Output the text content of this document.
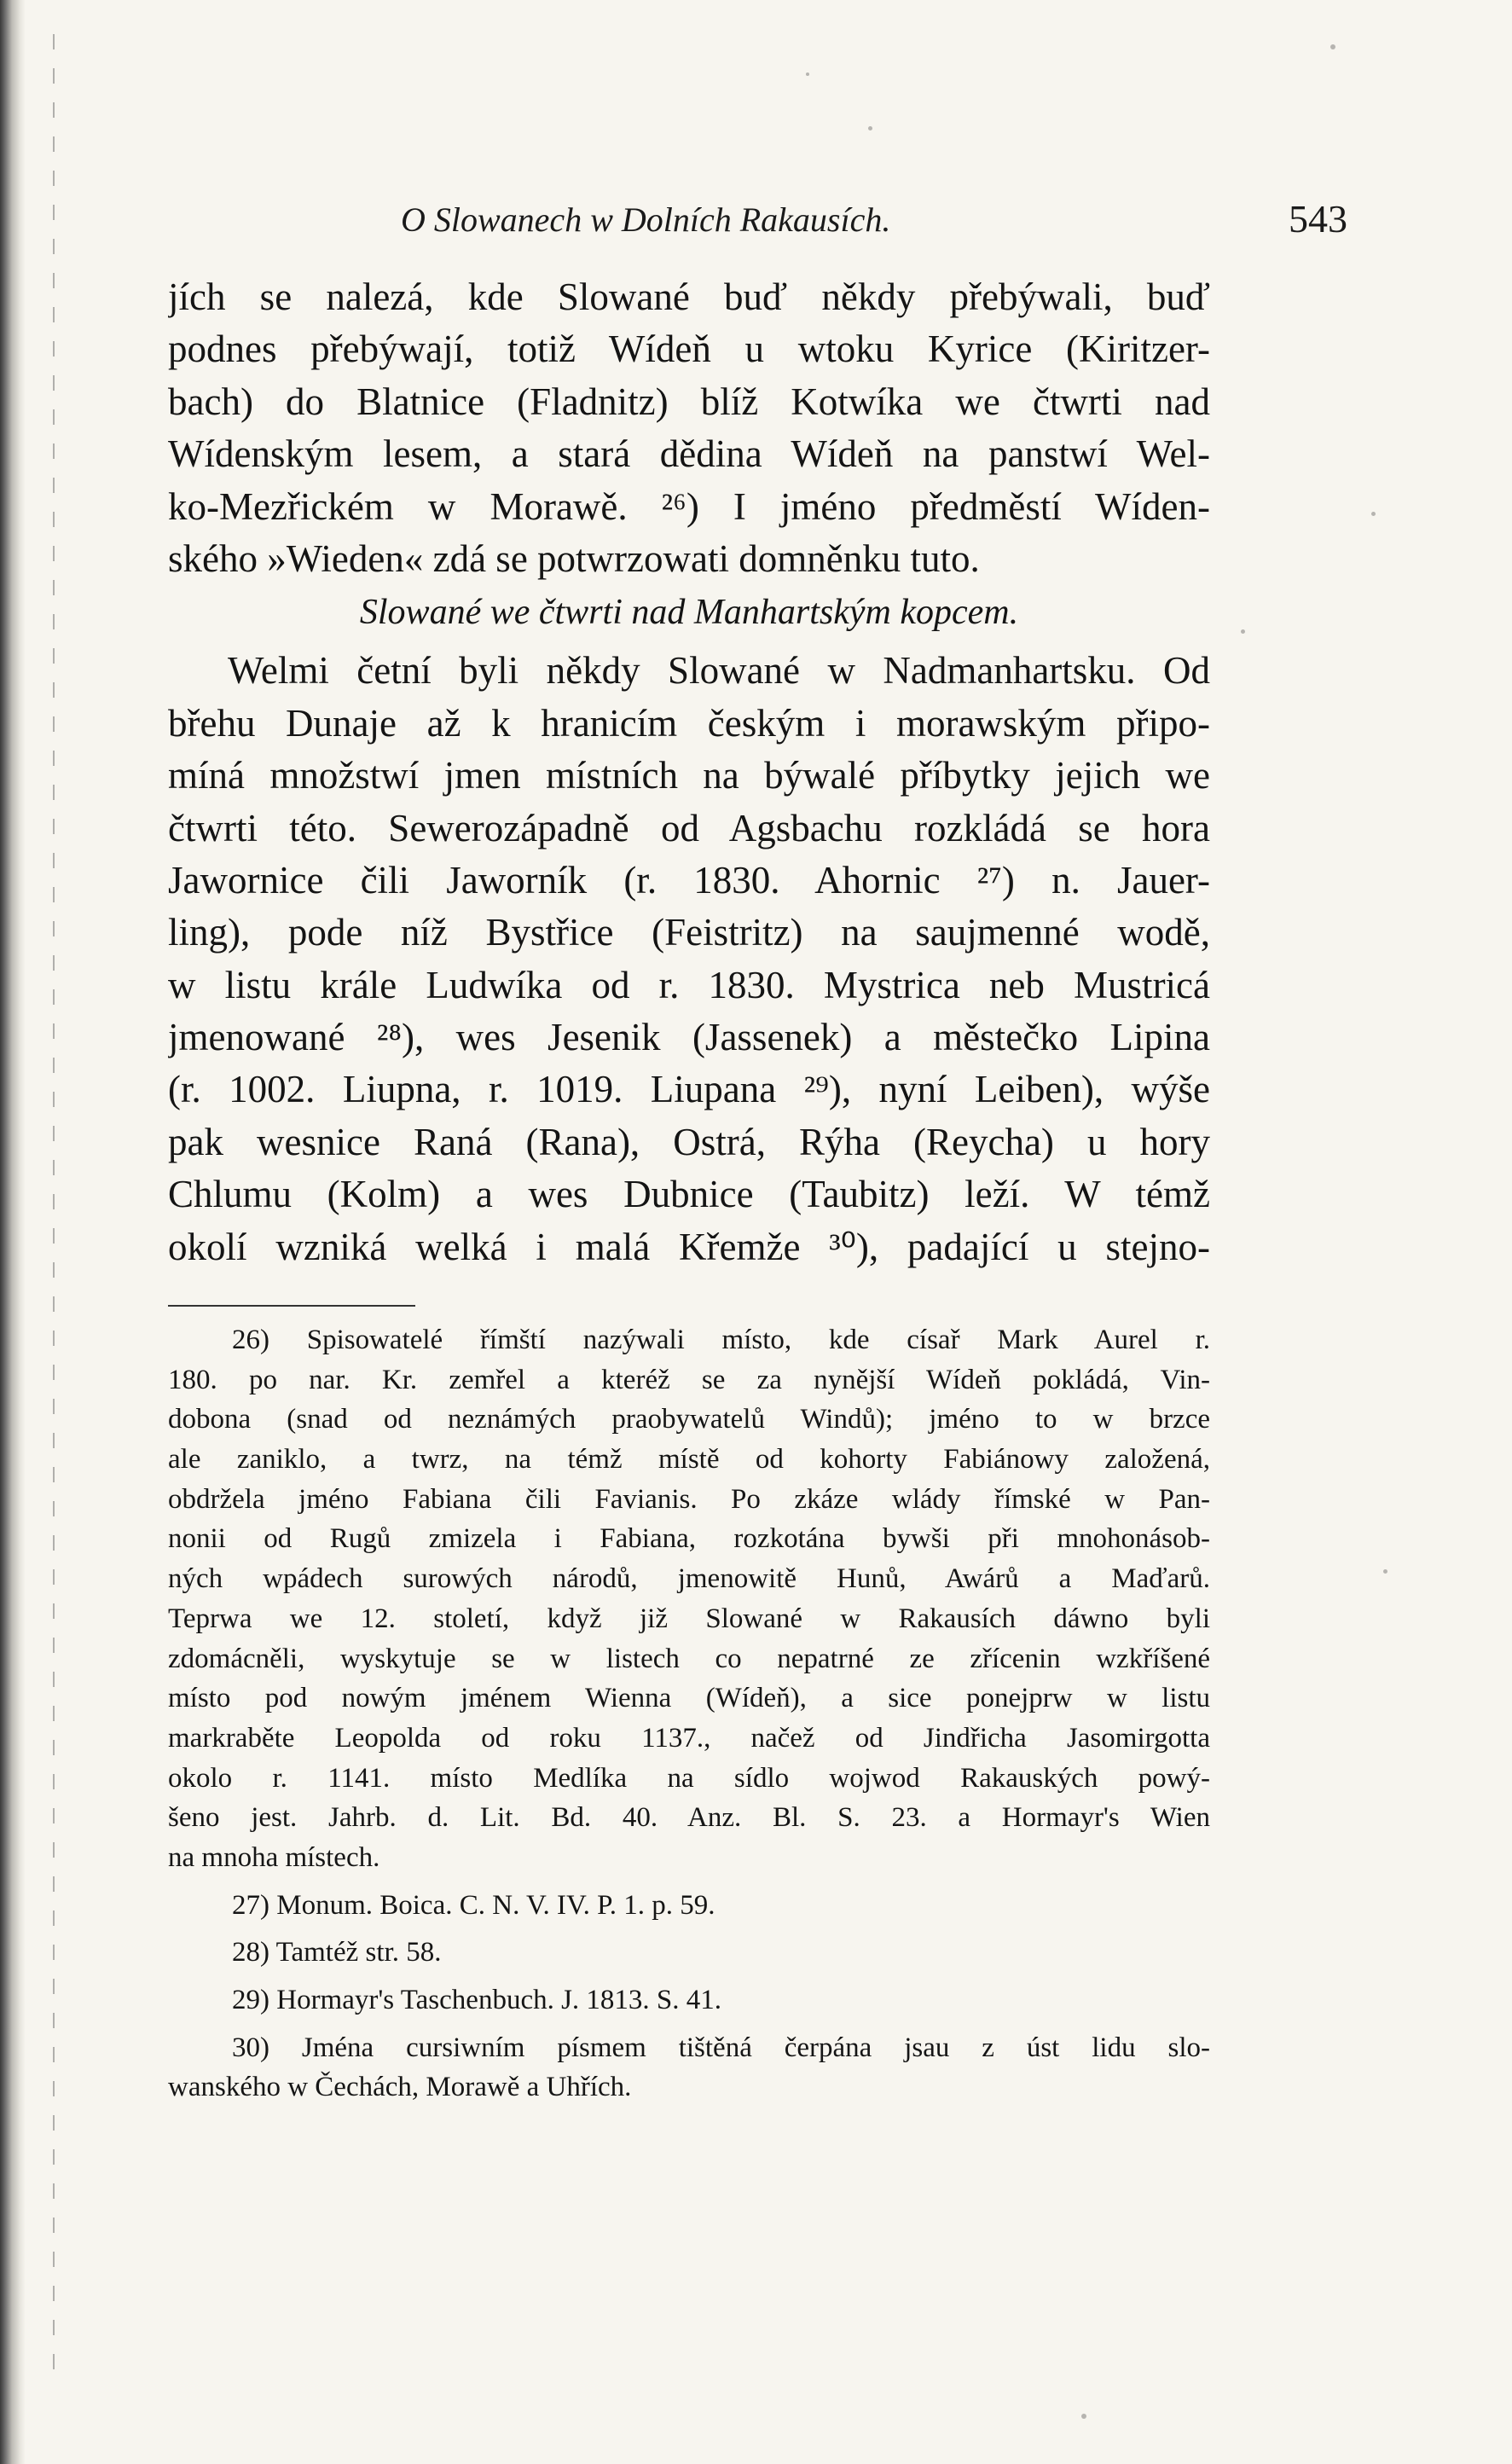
O Slowanech w Dolních Rakausích.	543
jích se nalezá, kde Slowané buď někdy přebýwali, buď
podnes přebýwají, totiž Wídeň u wtoku Kyrice (Kiritzer-
bach) do Blatnice (Fladnitz) blíž Kotwíka we čtwrti nad
Wídenským lesem, a stará dědina Wídeň na panstwí Wel-
ko-Mezřickém w Morawě. ²⁶) I jméno předměstí Wíden-
ského »Wieden« zdá se potwrzowati domněnku tuto.
Slowané we čtwrti nad Manhartským kopcem.
Welmi četní byli někdy Slowané w Nadmanhartsku. Od
břehu Dunaje až k hranicím českým i morawským připo-
míná množstwí jmen místních na býwalé příbytky jejich we
čtwrti této. Sewerozápadně od Agsbachu rozkládá se hora
Jawornice čili Jaworník (r. 1830. Ahornic ²⁷) n. Jauer-
ling), pode níž Bystřice (Feistritz) na saujmenné wodě,
w listu krále Ludwíka od r. 1830. Mystrica neb Mustricá
jmenowané ²⁸), wes Jesenik (Jassenek) a městečko Lipina
(r. 1002. Liupna, r. 1019. Liupana ²⁹), nyní Leiben), wýše
pak wesnice Raná (Rana), Ostrá, Rýha (Reycha) u hory
Chlumu (Kolm) a wes Dubnice (Taubitz) leží. W témž
okolí wzniká welká i malá Křemže ³⁰), padající u stejno-
26) Spisowatelé římští nazýwali místo, kde císař Mark Aurel r.
180. po nar. Kr. zemřel a kteréž se za nynější Wídeň pokládá, Vin-
dobona (snad od neznámých praobywatelů Windů); jméno to w brzce
ale zaniklo, a twrz, na témž místě od kohorty Fabiánowy založená,
obdržela jméno Fabiana čili Favianis. Po zkáze wlády římské w Pan-
nonii od Rugů zmizela i Fabiana, rozkotána bywši při mnohonásob-
ných wpádech surowých národů, jmenowitě Hunů, Awárů a Maďarů.
Teprwa we 12. století, když již Slowané w Rakausích dáwno byli
zdomácněli, wyskytuje se w listech co nepatrné ze zřícenin wzkříšené
místo pod nowým jménem Wienna (Wídeň), a sice ponejprw w listu
markraběte Leopolda od roku 1137., načež od Jindřicha Jasomirgotta
okolo r. 1141. místo Medlíka na sídlo wojwod Rakauských powý-
šeno jest. Jahrb. d. Lit. Bd. 40. Anz. Bl. S. 23. a Hormayr's Wien
na mnoha místech.
27) Monum. Boica. C. N. V. IV. P. 1. p. 59.
28) Tamtéž str. 58.
29) Hormayr's Taschenbuch. J. 1813. S. 41.
30) Jména cursiwním písmem tištěná čerpána jsau z úst lidu slo-
wanského w Čechách, Morawě a Uhřích.
